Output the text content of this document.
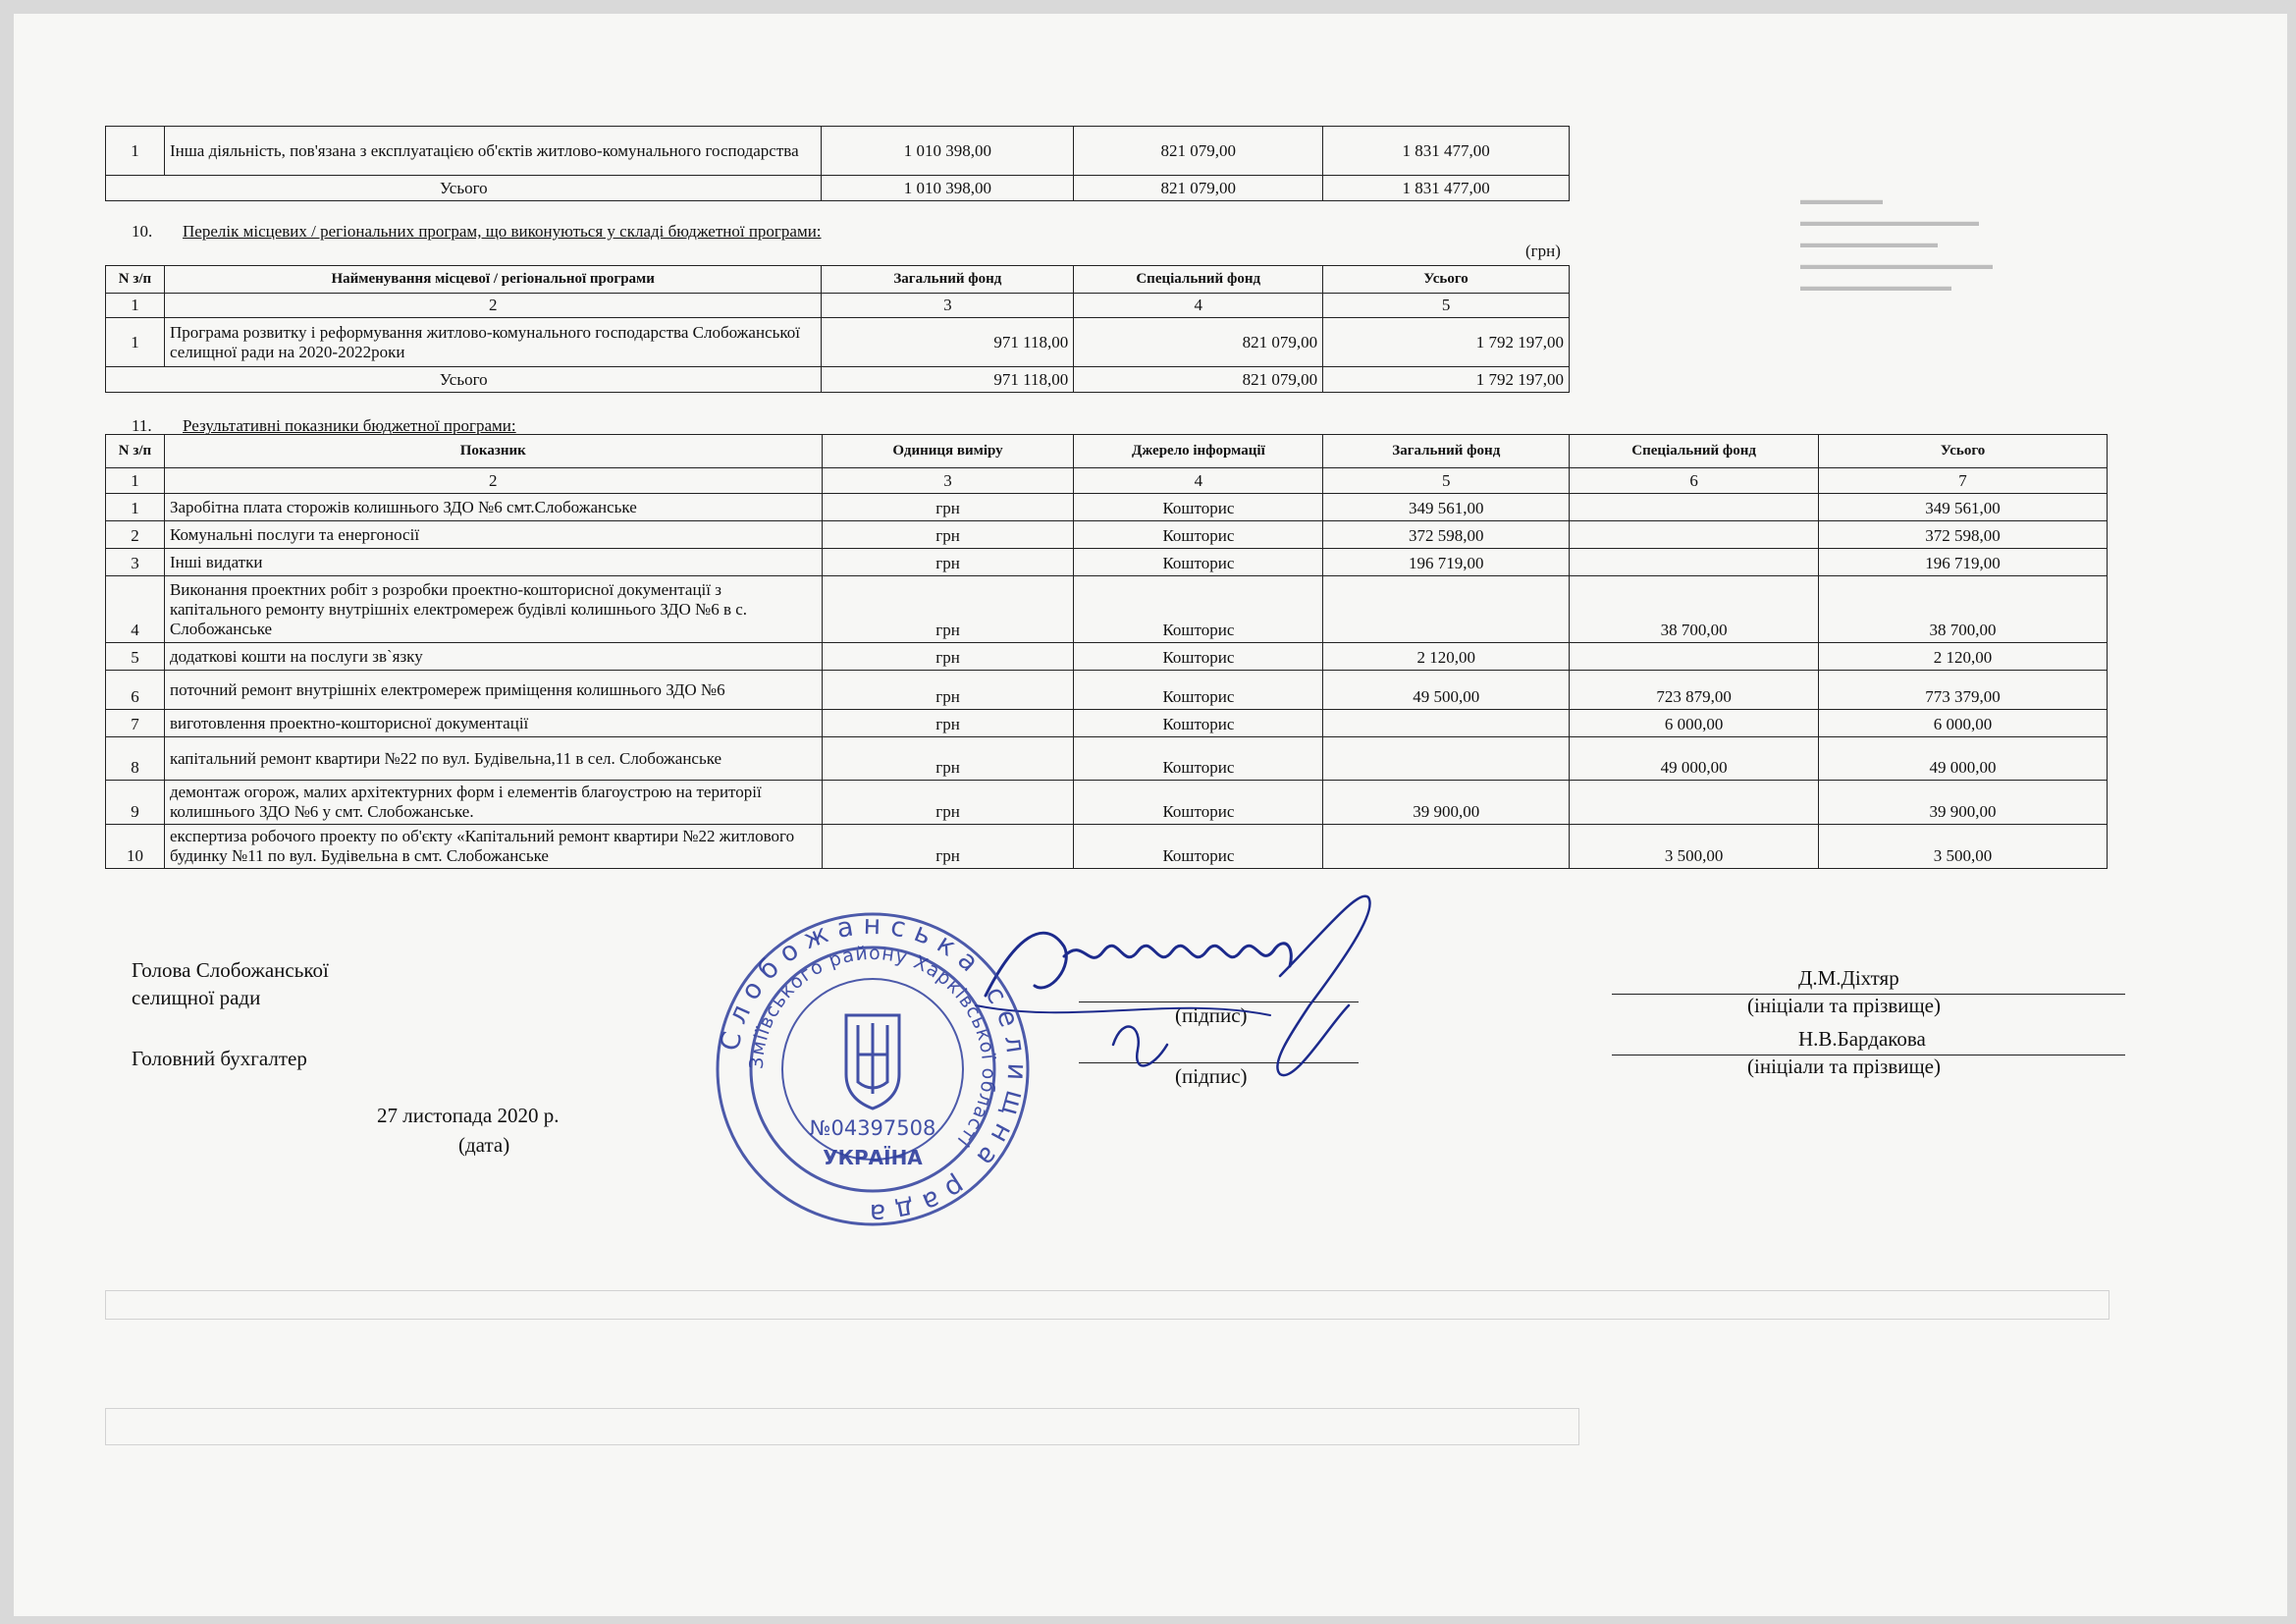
▬▬▬▬▬▬
▬▬▬▬▬▬▬▬▬▬▬▬▬
▬▬▬▬▬▬▬▬▬▬
▬▬▬▬▬▬▬▬▬▬▬▬▬▬
▬▬▬▬▬▬▬▬▬▬▬
1	Інша діяльність, пов'язана з експлуатацією об'єктів житлово-комунального господарства	1 010 398,00	821 079,00	1 831 477,00
Усього		1 010 398,00	821 079,00	1 831 477,00
10. Перелік місцевих / регіональних програм, що виконуються у складі бюджетної програми:
(грн)
N з/п	Найменування місцевої / регіональної програми	Загальний фонд	Спеціальний фонд	Усього
1	2	3	4	5
1	Програма розвитку і реформування житлово-комунального господарства Слобожанської селищної ради на 2020-2022роки	971 118,00	821 079,00	1 792 197,00
Усього		971 118,00	821 079,00	1 792 197,00
11. Результативні показники бюджетної програми:
N з/п	Показник	Одиниця виміру	Джерело інформації	Загальний фонд	Спеціальний фонд	Усього
1	2	3	4	5	6	7
1	Заробітна плата сторожів колишнього ЗДО №6 смт.Слобожанське	грн	Кошторис	349 561,00		349 561,00
2	Комунальні послуги та енергоносії	грн	Кошторис	372 598,00		372 598,00
3	Інші видатки	грн	Кошторис	196 719,00		196 719,00
4	Виконання проектних робіт з розробки проектно-кошторисної документації з капітального ремонту внутрішніх електромереж будівлі колишнього ЗДО №6 в с. Слобожанське	грн	Кошторис		38 700,00	38 700,00
5	додаткові кошти на послуги зв`язку	грн	Кошторис	2 120,00		2 120,00
6	поточний ремонт внутрішніх електромереж приміщення колишнього ЗДО №6	грн	Кошторис	49 500,00	723 879,00	773 379,00
7	виготовлення проектно-кошторисної документації	грн	Кошторис		6 000,00	6 000,00
8	капітальний ремонт квартири №22 по вул. Будівельна,11 в сел. Слобожанське	грн	Кошторис		49 000,00	49 000,00
9	демонтаж огорож, малих архітектурних форм і елементів благоустрою на території колишнього ЗДО №6 у смт. Слобожанське.	грн	Кошторис	39 900,00		39 900,00
10	експертиза робочого проекту по об'єкту «Капітальний ремонт квартири №22 житлового будинку №11 по вул. Будівельна в смт. Слобожанське	грн	Кошторис		3 500,00	3 500,00
Голова Слобожанської
селищної ради
(підпис)
Д.М.Діхтяр
(ініціали та прізвище)
Головний бухгалтер
(підпис)
Н.В.Бардакова
(ініціали та прізвище)
27 листопада 2020 р.
(дата)
Слобожанська селищна рада
Зміївського району Харківської області
№04397508
УКРАЇНА
